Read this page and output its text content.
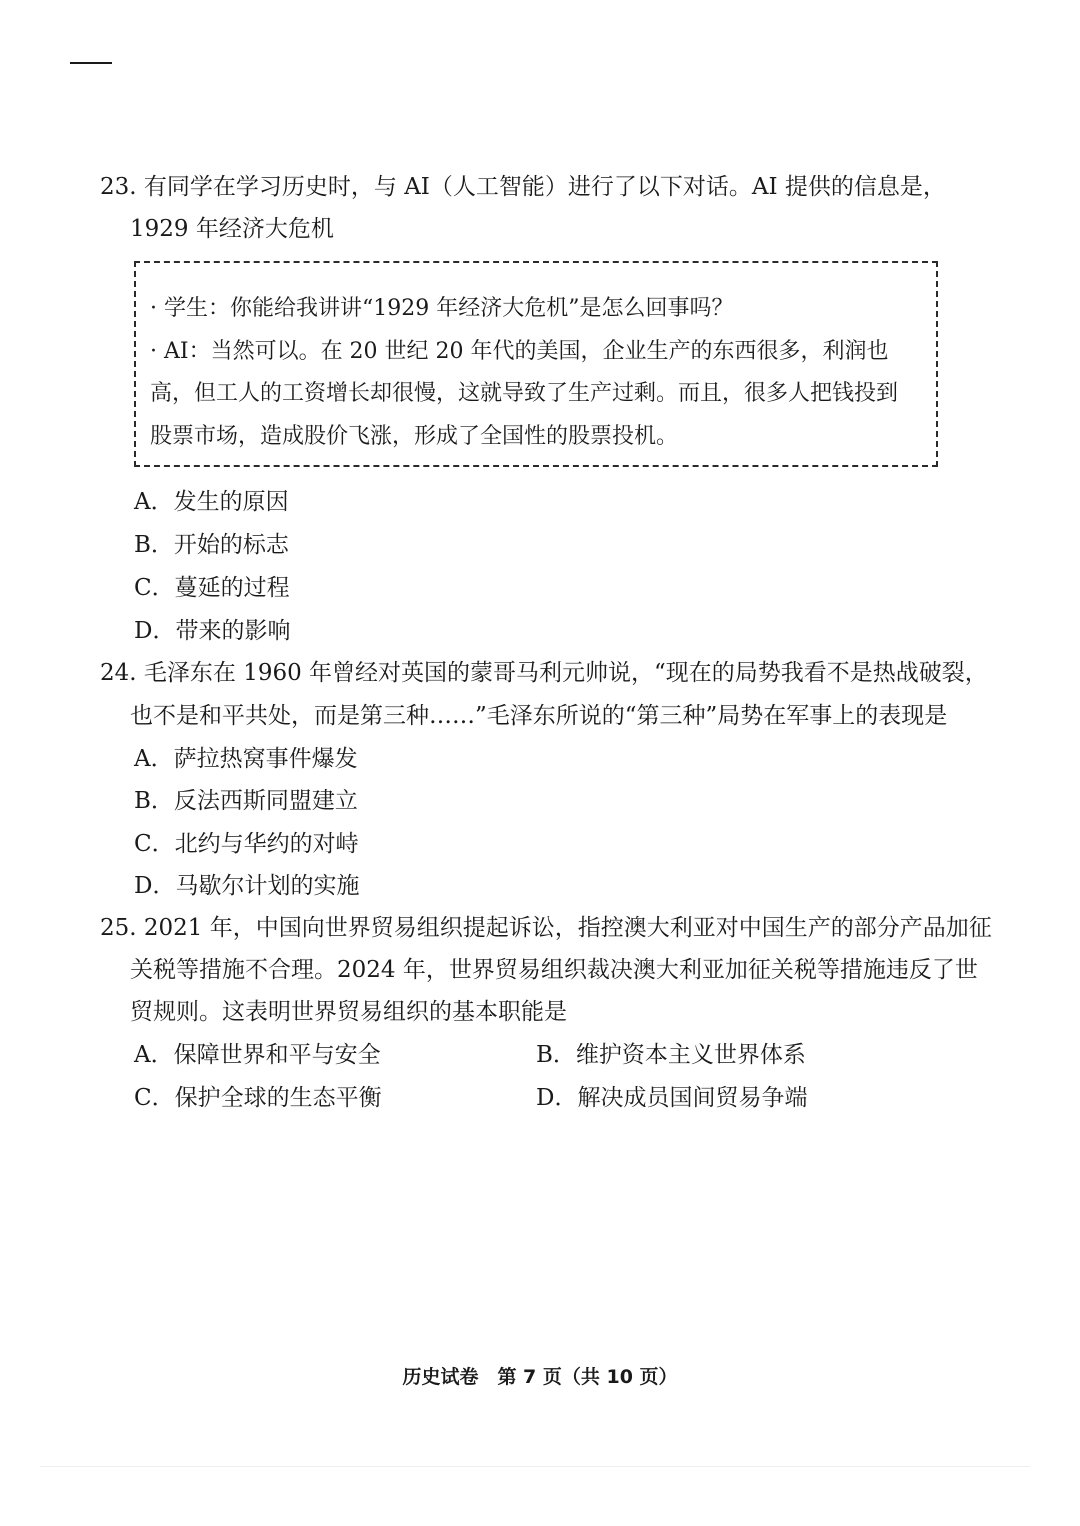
23. 有同学在学习历史时，与 AI（人工智能）进行了以下对话。AI 提供的信息是，
1929 年经济大危机
· 学生：你能给我讲讲“1929 年经济大危机”是怎么回事吗？
· AI：当然可以。在 20 世纪 20 年代的美国，企业生产的东西很多，利润也
高，但工人的工资增长却很慢，这就导致了生产过剩。而且，很多人把钱投到
股票市场，造成股价飞涨，形成了全国性的股票投机。
A．发生的原因
B．开始的标志
C．蔓延的过程
D．带来的影响
24. 毛泽东在 1960 年曾经对英国的蒙哥马利元帅说，“现在的局势我看不是热战破裂，
也不是和平共处，而是第三种……”毛泽东所说的“第三种”局势在军事上的表现是
A．萨拉热窝事件爆发
B．反法西斯同盟建立
C．北约与华约的对峙
D．马歇尔计划的实施
25. 2021 年，中国向世界贸易组织提起诉讼，指控澳大利亚对中国生产的部分产品加征
关税等措施不合理。2024 年，世界贸易组织裁决澳大利亚加征关税等措施违反了世
贸规则。这表明世界贸易组织的基本职能是
A．保障世界和平与安全	B．维护资本主义世界体系
C．保护全球的生态平衡	D．解决成员国间贸易争端
历史试卷　第 7 页（共 10 页）
